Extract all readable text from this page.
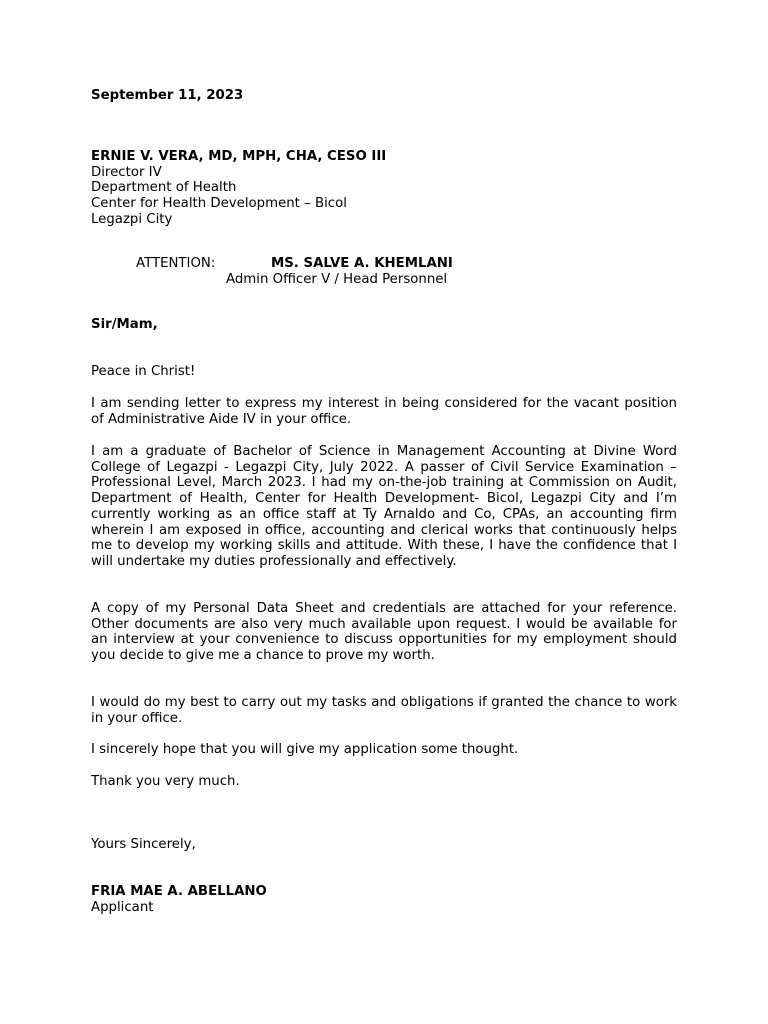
September 11, 2023

ERNIE V. VERA, MD, MPH, CHA, CESO III
Director IV
Department of Health
Center for Health Development – Bicol
Legazpi City
ATTENTION:	MS. SALVE A. KHEMLANI
Admin Officer V / Head Personnel

Sir/Mam,

Peace in Christ!

I am sending letter to express my interest in being considered for the vacant position of Administrative Aide IV in your office.

I am a graduate of Bachelor of Science in Management Accounting at Divine Word College of Legazpi - Legazpi City, July 2022. A passer of Civil Service Examination – Professional Level, March 2023. I had my on-the-job training at Commission on Audit, Department of Health, Center for Health Development- Bicol, Legazpi City and I’m currently working as an office staff at Ty Arnaldo and Co, CPAs, an accounting firm wherein I am exposed in office, accounting and clerical works that continuously helps me to develop my working skills and attitude. With these, I have the confidence that I will undertake my duties professionally and effectively.

A copy of my Personal Data Sheet and credentials are attached for your reference. Other documents are also very much available upon request. I would be available for an interview at your convenience to discuss opportunities for my employment should you decide to give me a chance to prove my worth.

I would do my best to carry out my tasks and obligations if granted the chance to work in your office.

I sincerely hope that you will give my application some thought.

Thank you very much.

Yours Sincerely,

FRIA MAE A. ABELLANO
Applicant
